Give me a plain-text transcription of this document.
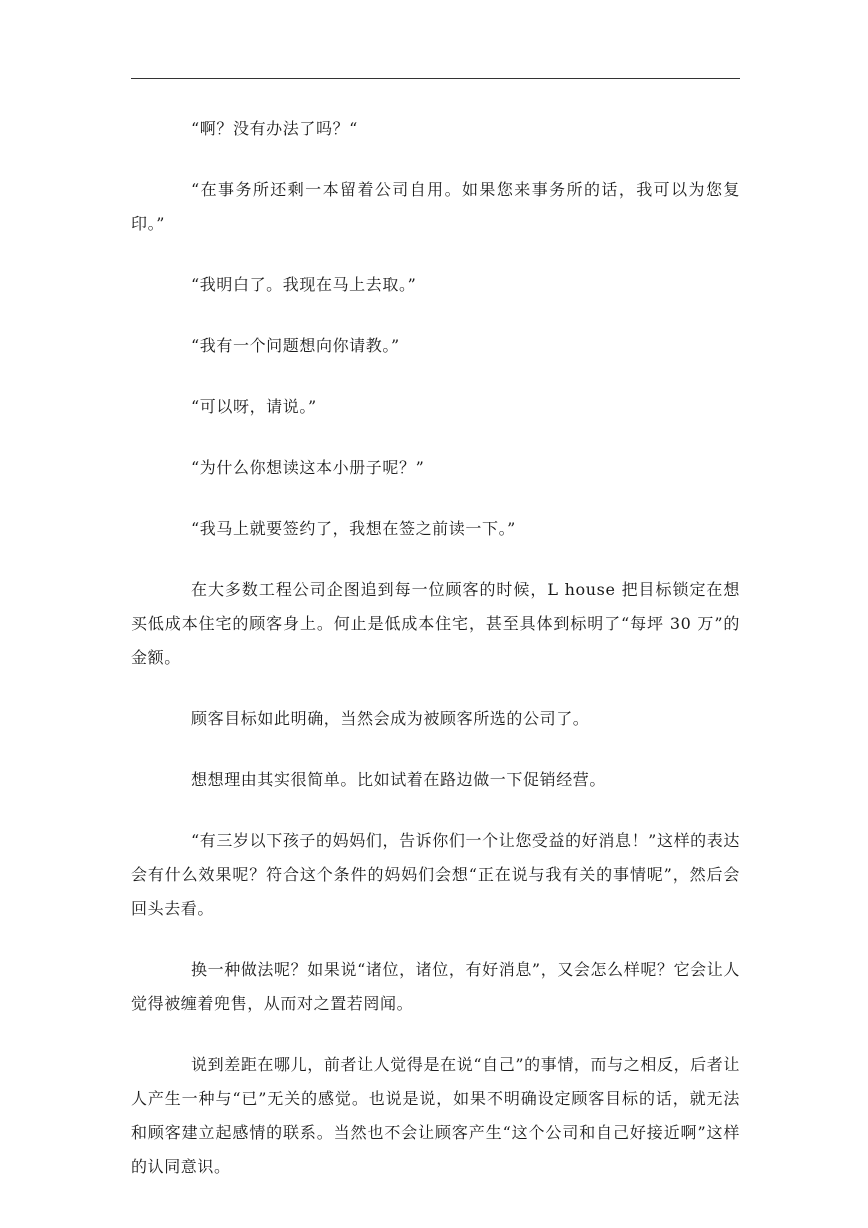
“啊？没有办法了吗？“

“在事务所还剩一本留着公司自用。如果您来事务所的话，我可以为您复印。”

“我明白了。我现在马上去取。”

“我有一个问题想向你请教。”

“可以呀，请说。”

“为什么你想读这本小册子呢？”

“我马上就要签约了，我想在签之前读一下。”

在大多数工程公司企图追到每一位顾客的时候，L house 把目标锁定在想买低成本住宅的顾客身上。何止是低成本住宅，甚至具体到标明了“每坪 30 万”的金额。

顾客目标如此明确，当然会成为被顾客所选的公司了。

想想理由其实很简单。比如试着在路边做一下促销经营。

“有三岁以下孩子的妈妈们，告诉你们一个让您受益的好消息！”这样的表达会有什么效果呢？符合这个条件的妈妈们会想“正在说与我有关的事情呢”，然后会回头去看。

换一种做法呢？如果说“诸位，诸位，有好消息”，又会怎么样呢？它会让人觉得被缠着兜售，从而对之置若罔闻。

说到差距在哪儿，前者让人觉得是在说“自己”的事情，而与之相反，后者让人产生一种与“已”无关的感觉。也说是说，如果不明确设定顾客目标的话，就无法和顾客建立起感情的联系。当然也不会让顾客产生“这个公司和自己好接近啊”这样的认同意识。
